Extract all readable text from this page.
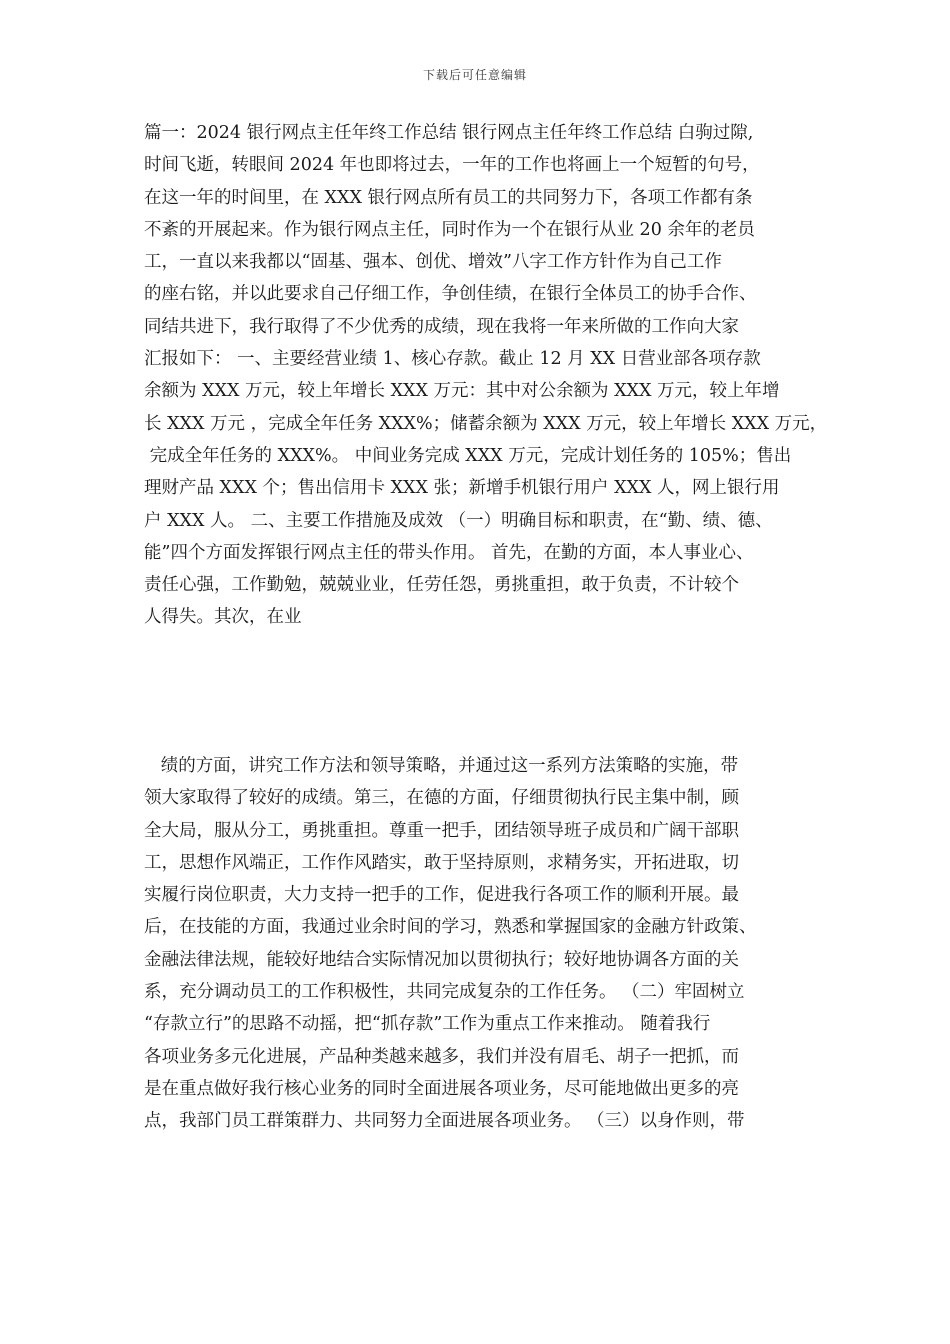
下载后可任意编辑
篇一：2024 银行网点主任年终工作总结 银行网点主任年终工作总结 白驹过隙,
时间飞逝，转眼间 2024 年也即将过去，一年的工作也将画上一个短暂的句号，
在这一年的时间里，在 XXX 银行网点所有员工的共同努力下，各项工作都有条
不紊的开展起来。作为银行网点主任，同时作为一个在银行从业 20 余年的老员
工，一直以来我都以“固基、强本、创优、增效”八字工作方针作为自己工作
的座右铭，并以此要求自己仔细工作，争创佳绩，在银行全体员工的协手合作、
同结共进下，我行取得了不少优秀的成绩，现在我将一年来所做的工作向大家
汇报如下： 一、主要经营业绩 1、核心存款。截止 12 月 XX 日营业部各项存款
余额为 XXX 万元，较上年增长 XXX 万元：其中对公余额为 XXX 万元，较上年增
长 XXX 万元 ，完成全年任务 XXX%；储蓄余额为 XXX 万元，较上年增长 XXX 万元，
完成全年任务的 XXX%。 中间业务完成 XXX 万元，完成计划任务的 105%；售出
理财产品 XXX 个；售出信用卡 XXX 张；新增手机银行用户 XXX 人，网上银行用
户 XXX 人。 二、主要工作措施及成效 （一）明确目标和职责，在“勤、绩、德、
能”四个方面发挥银行网点主任的带头作用。 首先，在勤的方面，本人事业心、
责任心强，工作勤勉，兢兢业业，任劳任怨，勇挑重担，敢于负责，不计较个
人得失。其次，在业
绩的方面，讲究工作方法和领导策略，并通过这一系列方法策略的实施，带
领大家取得了较好的成绩。第三，在德的方面，仔细贯彻执行民主集中制，顾
全大局，服从分工，勇挑重担。尊重一把手，团结领导班子成员和广阔干部职
工，思想作风端正，工作作风踏实，敢于坚持原则，求精务实，开拓进取，切
实履行岗位职责，大力支持一把手的工作，促进我行各项工作的顺利开展。最
后，在技能的方面，我通过业余时间的学习，熟悉和掌握国家的金融方针政策、
金融法律法规，能较好地结合实际情况加以贯彻执行；较好地协调各方面的关
系，充分调动员工的工作积极性，共同完成复杂的工作任务。 （二）牢固树立
“存款立行”的思路不动摇，把“抓存款”工作为重点工作来推动。 随着我行
各项业务多元化进展，产品种类越来越多，我们并没有眉毛、胡子一把抓，而
是在重点做好我行核心业务的同时全面进展各项业务，尽可能地做出更多的亮
点，我部门员工群策群力、共同努力全面进展各项业务。 （三）以身作则，带
